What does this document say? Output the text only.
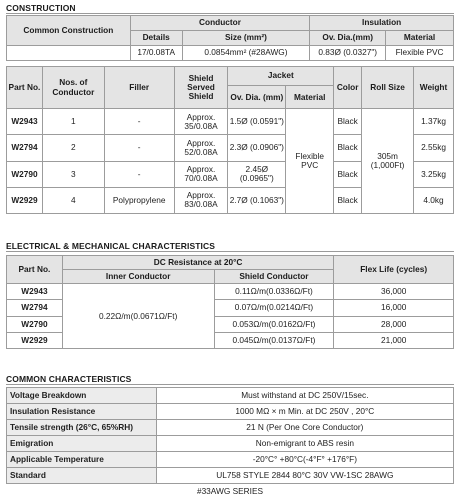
CONSTRUCTION
Common Construction	Conductor		Insulation	
	Details	Size (mm²)	Ov. Dia.(mm)	Material
	17/0.08TA	0.0854mm² (#28AWG)	0.83Ø (0.0327")	Flexible PVC
Part No.	Nos. of Conductor	Filler	Shield Served Shield	Jacket		Color	Roll Size	Weight
				Ov. Dia. (mm)	Material			
W2943	1	-	Approx. 35/0.08A	1.5Ø (0.0591")	Flexible PVC	Black	305m (1,000Ft)	1.37kg
W2794	2	-	Approx. 52/0.08A	2.3Ø (0.0906")		Black		2.55kg
W2790	3	-	Approx. 70/0.08A	2.45Ø (0.0965")		Black		3.25kg
W2929	4	Polypropylene	Approx. 83/0.08A	2.7Ø (0.1063")		Black		4.0kg
ELECTRICAL & MECHANICAL CHARACTERISTICS
Part No.	DC Resistance at 20°C		Flex Life (cycles)
	Inner Conductor	Shield Conductor	
W2943	0.22Ω/m(0.0671Ω/Ft)	0.11Ω/m(0.0336Ω/Ft)	36,000
W2794		0.07Ω/m(0.0214Ω/Ft)	16,000
W2790		0.053Ω/m(0.0162Ω/Ft)	28,000
W2929		0.045Ω/m(0.0137Ω/Ft)	21,000
COMMON CHARACTERISTICS
Voltage Breakdown	Must withstand at DC 250V/15sec.
Insulation Resistance	1000 MΩ × m Min. at DC 250V , 20°C
Tensile strength (26°C, 65%RH)	21 N (Per One Core Conductor)
Emigration	Non-emigrant to ABS resin
Applicable Temperature	-20°C° +80°C(-4°F° +176°F)
Standard	UL758 STYLE 2844 80°C 30V VW-1SC 28AWG
#33AWG SERIES
